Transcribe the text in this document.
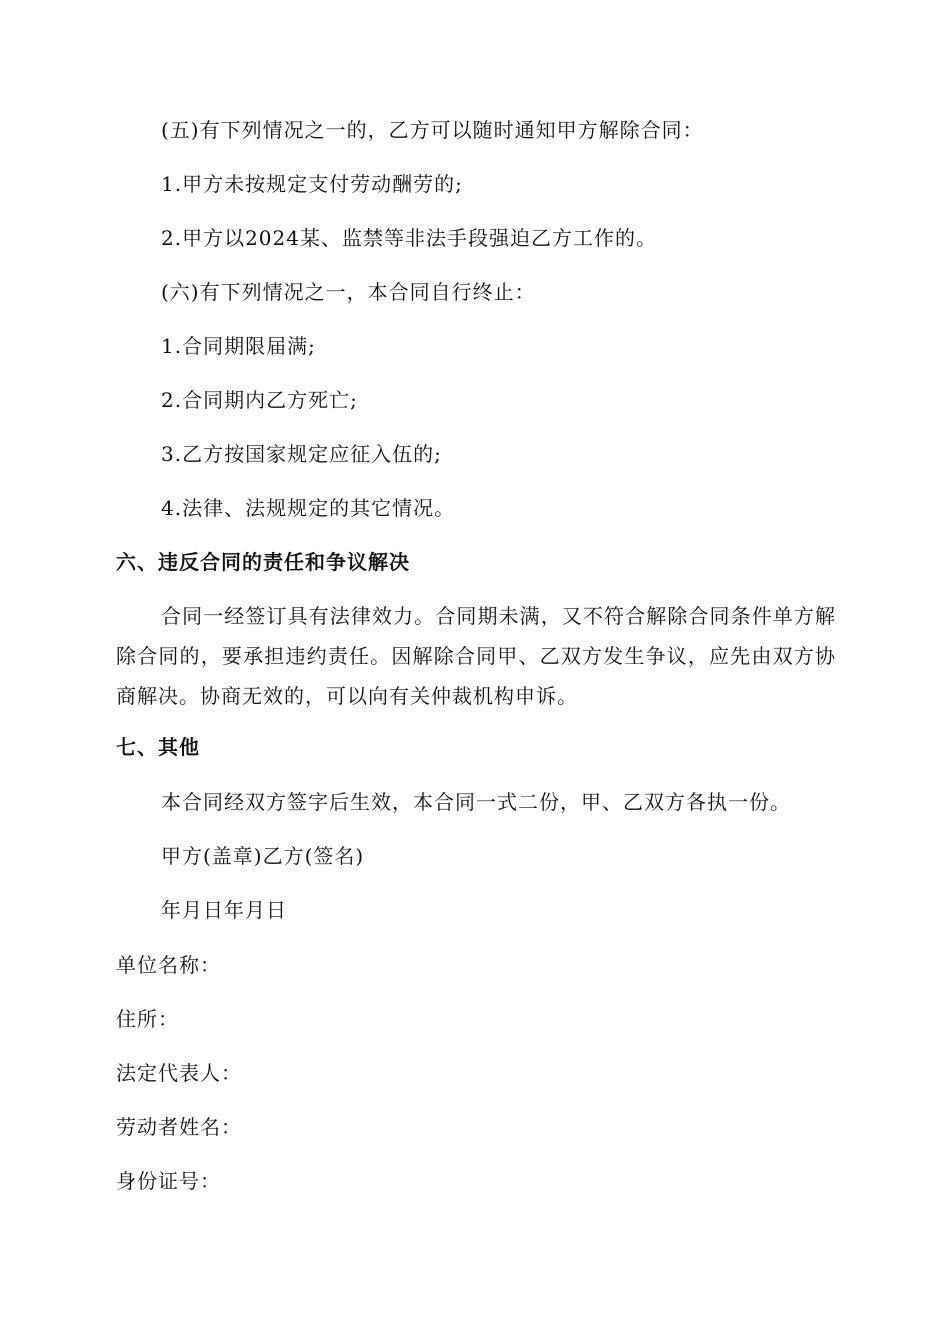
(五)有下列情况之一的，乙方可以随时通知甲方解除合同：
1.甲方未按规定支付劳动酬劳的;
2.甲方以2024某、监禁等非法手段强迫乙方工作的。
(六)有下列情况之一，本合同自行终止：
1.合同期限届满;
2.合同期内乙方死亡;
3.乙方按国家规定应征入伍的;
4.法律、法规规定的其它情况。
六、违反合同的责任和争议解决
合同一经签订具有法律效力。合同期未满，又不符合解除合同条件单方解除合同的，要承担违约责任。因解除合同甲、乙双方发生争议，应先由双方协商解决。协商无效的，可以向有关仲裁机构申诉。
七、其他
本合同经双方签字后生效，本合同一式二份，甲、乙双方各执一份。
甲方(盖章)乙方(签名)
年月日年月日
单位名称：
住所：
法定代表人：
劳动者姓名：
身份证号：
